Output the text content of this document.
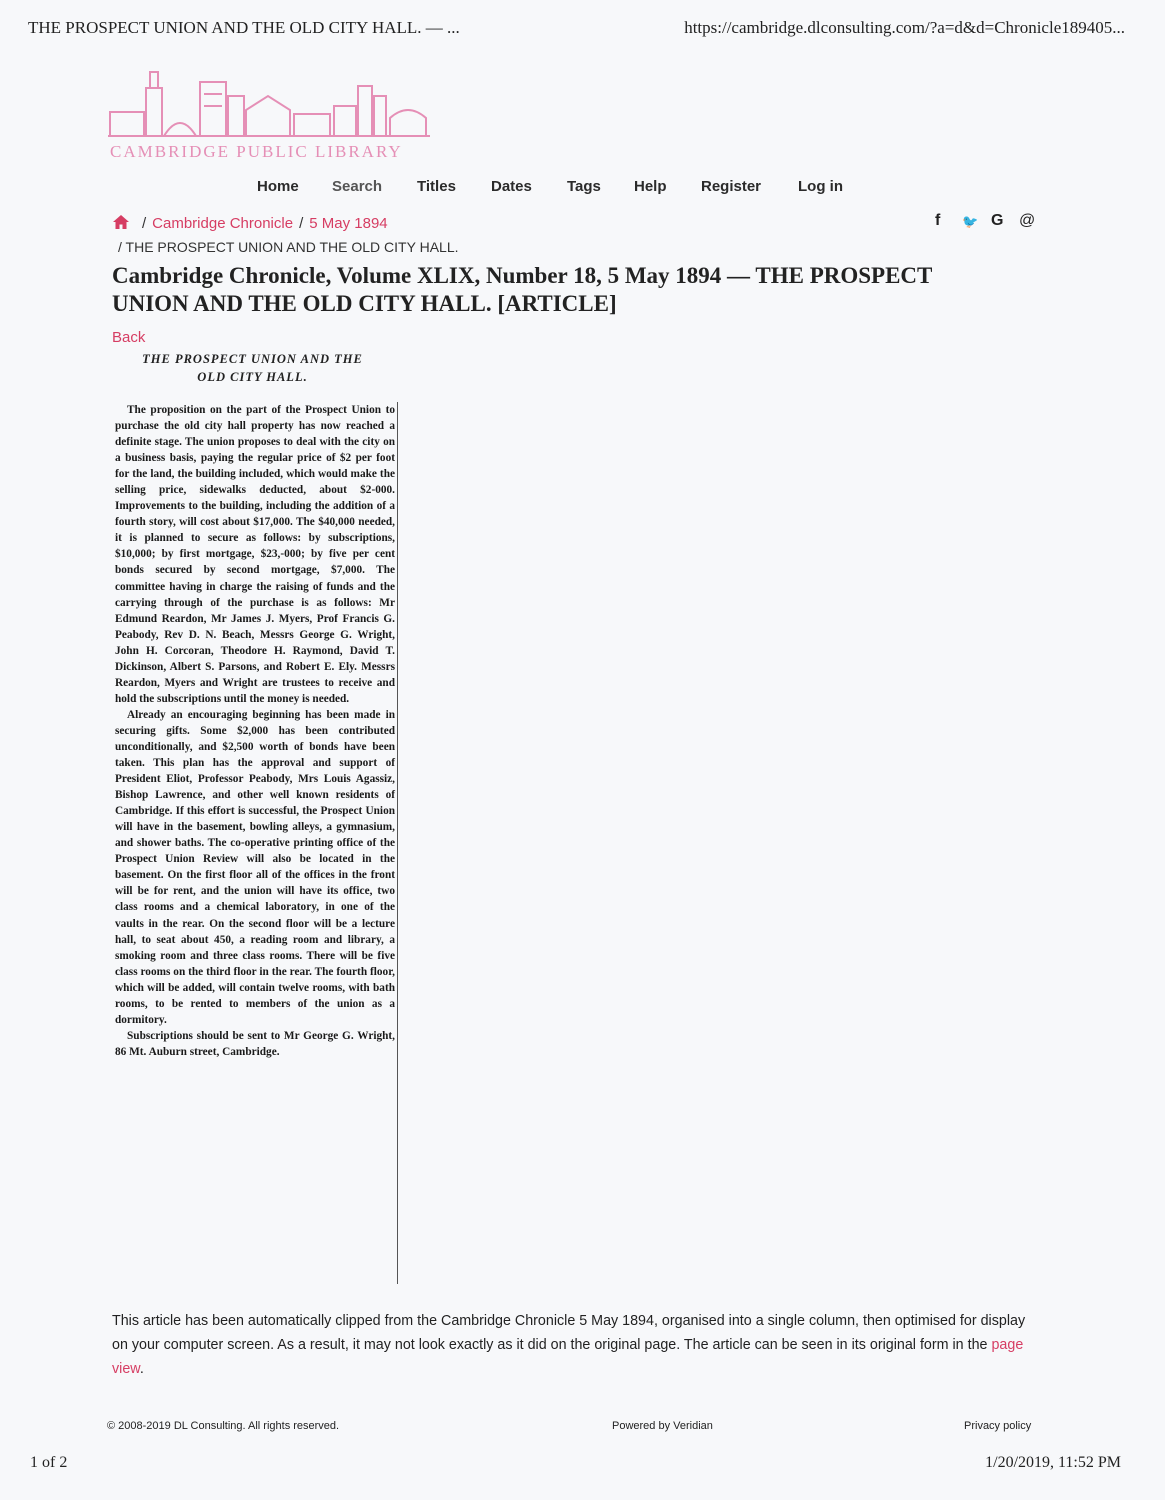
THE PROSPECT UNION AND THE OLD CITY HALL. — ...	https://cambridge.dlconsulting.com/?a=d&d=Chronicle189405...
CAMBRIDGE PUBLIC LIBRARY
Home Search Titles Dates Tags Help Register Log in
/ Cambridge Chronicle / 5 May 1894
/ THE PROSPECT UNION AND THE OLD CITY HALL.
f 🐦 G @
Cambridge Chronicle, Volume XLIX, Number 18, 5 May 1894 — THE PROSPECT UNION AND THE OLD CITY HALL. [ARTICLE]
Back
THE PROSPECT UNION AND THE
OLD CITY HALL.

The proposition on the part of the Prospect Union to purchase the old city hall property has now reached a definite stage. The union proposes to deal with the city on a business basis, paying the regular price of $2 per foot for the land, the building included, which would make the selling price, sidewalks deducted, about $2-000. Improvements to the building, including the addition of a fourth story, will cost about $17,000. The $40,000 needed, it is planned to secure as follows: by subscriptions, $10,000; by first mortgage, $23,-000; by five per cent bonds secured by second mortgage, $7,000. The committee having in charge the raising of funds and the carrying through of the purchase is as follows: Mr Edmund Reardon, Mr James J. Myers, Prof Francis G. Peabody, Rev D. N. Beach, Messrs George G. Wright, John H. Corcoran, Theodore H. Raymond, David T. Dickinson, Albert S. Parsons, and Robert E. Ely. Messrs Reardon, Myers and Wright are trustees to receive and hold the subscriptions until the money is needed.

Already an encouraging beginning has been made in securing gifts. Some $2,000 has been contributed unconditionally, and $2,500 worth of bonds have been taken. This plan has the approval and support of President Eliot, Professor Peabody, Mrs Louis Agassiz, Bishop Lawrence, and other well known residents of Cambridge. If this effort is successful, the Prospect Union will have in the basement, bowling alleys, a gymnasium, and shower baths. The co-operative printing office of the Prospect Union Review will also be located in the basement. On the first floor all of the offices in the front will be for rent, and the union will have its office, two class rooms and a chemical laboratory, in one of the vaults in the rear. On the second floor will be a lecture hall, to seat about 450, a reading room and library, a smoking room and three class rooms. There will be five class rooms on the third floor in the rear. The fourth floor, which will be added, will contain twelve rooms, with bath rooms, to be rented to members of the union as a dormitory.

Subscriptions should be sent to Mr George G. Wright, 86 Mt. Auburn street, Cambridge.

This article has been automatically clipped from the Cambridge Chronicle 5 May 1894, organised into a single column, then optimised for display on your computer screen. As a result, it may not look exactly as it did on the original page. The article can be seen in its original form in the page view.

© 2008-2019 DL Consulting. All rights reserved.	Powered by Veridian	Privacy policy
1 of 2	1/20/2019, 11:52 PM
